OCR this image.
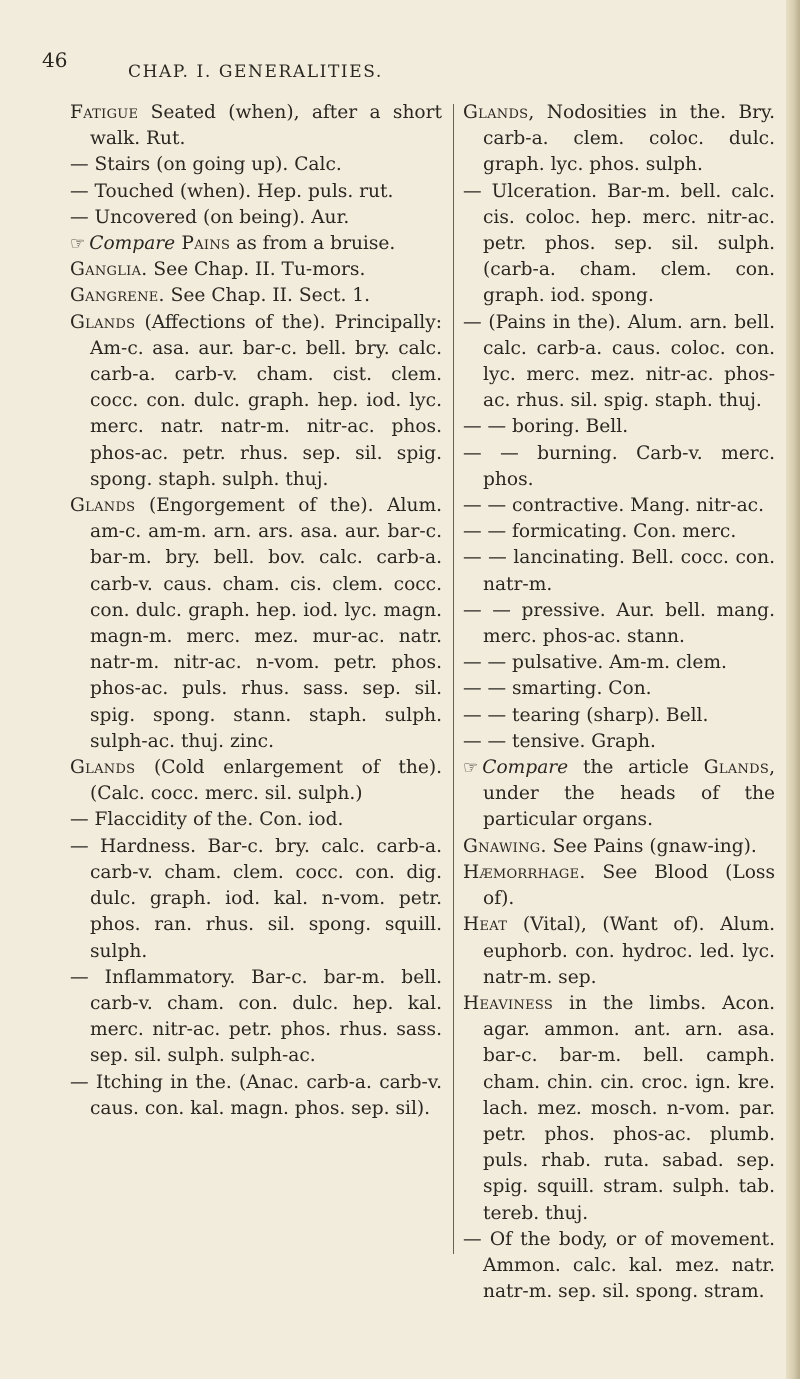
46	CHAP. I. GENERALITIES.

Fatigue Seated (when), after a short walk. Rut.

— Stairs (on going up). Calc.

— Touched (when). Hep. puls. rut.

— Uncovered (on being). Aur.

☞ Compare Pains as from a bruise.

Ganglia. See Chap. II. Tu-mors.

Gangrene. See Chap. II. Sect. 1.

Glands (Affections of the). Principally: Am-c. asa. aur. bar-c. bell. bry. calc. carb-a. carb-v. cham. cist. clem. cocc. con. dulc. graph. hep. iod. lyc. merc. natr. natr-m. nitr-ac. phos. phos-ac. petr. rhus. sep. sil. spig. spong. staph. sulph. thuj.

Glands (Engorgement of the). Alum. am-c. am-m. arn. ars. asa. aur. bar-c. bar-m. bry. bell. bov. calc. carb-a. carb-v. caus. cham. cis. clem. cocc. con. dulc. graph. hep. iod. lyc. magn. magn-m. merc. mez. mur-ac. natr. natr-m. nitr-ac. n-vom. petr. phos. phos-ac. puls. rhus. sass. sep. sil. spig. spong. stann. staph. sulph. sulph-ac. thuj. zinc.

Glands (Cold enlargement of the). (Calc. cocc. merc. sil. sulph.)

— Flaccidity of the. Con. iod.

— Hardness. Bar-c. bry. calc. carb-a. carb-v. cham. clem. cocc. con. dig. dulc. graph. iod. kal. n-vom. petr. phos. ran. rhus. sil. spong. squill. sulph.

— Inflammatory. Bar-c. bar-m. bell. carb-v. cham. con. dulc. hep. kal. merc. nitr-ac. petr. phos. rhus. sass. sep. sil. sulph. sulph-ac.

— Itching in the. (Anac. carb-a. carb-v. caus. con. kal. magn. phos. sep. sil).

Glands, Nodosities in the. Bry. carb-a. clem. coloc. dulc. graph. lyc. phos. sulph.

— Ulceration. Bar-m. bell. calc. cis. coloc. hep. merc. nitr-ac. petr. phos. sep. sil. sulph. (carb-a. cham. clem. con. graph. iod. spong.

— (Pains in the). Alum. arn. bell. calc. carb-a. caus. coloc. con. lyc. merc. mez. nitr-ac. phos-ac. rhus. sil. spig. staph. thuj.

— — boring. Bell.

— — burning. Carb-v. merc. phos.

— — contractive. Mang. nitr-ac.

— — formicating. Con. merc.

— — lancinating. Bell. cocc. con. natr-m.

— — pressive. Aur. bell. mang. merc. phos-ac. stann.

— — pulsative. Am-m. clem.

— — smarting. Con.

— — tearing (sharp). Bell.

— — tensive. Graph.

☞ Compare the article Glands, under the heads of the particular organs.

Gnawing. See Pains (gnaw-ing).

Hæmorrhage. See Blood (Loss of).

Heat (Vital), (Want of). Alum. euphorb. con. hydroc. led. lyc. natr-m. sep.

Heaviness in the limbs. Acon. agar. ammon. ant. arn. asa. bar-c. bar-m. bell. camph. cham. chin. cin. croc. ign. kre. lach. mez. mosch. n-vom. par. petr. phos. phos-ac. plumb. puls. rhab. ruta. sabad. sep. spig. squill. stram. sulph. tab. tereb. thuj.

— Of the body, or of movement. Ammon. calc. kal. mez. natr. natr-m. sep. sil. spong. stram.
